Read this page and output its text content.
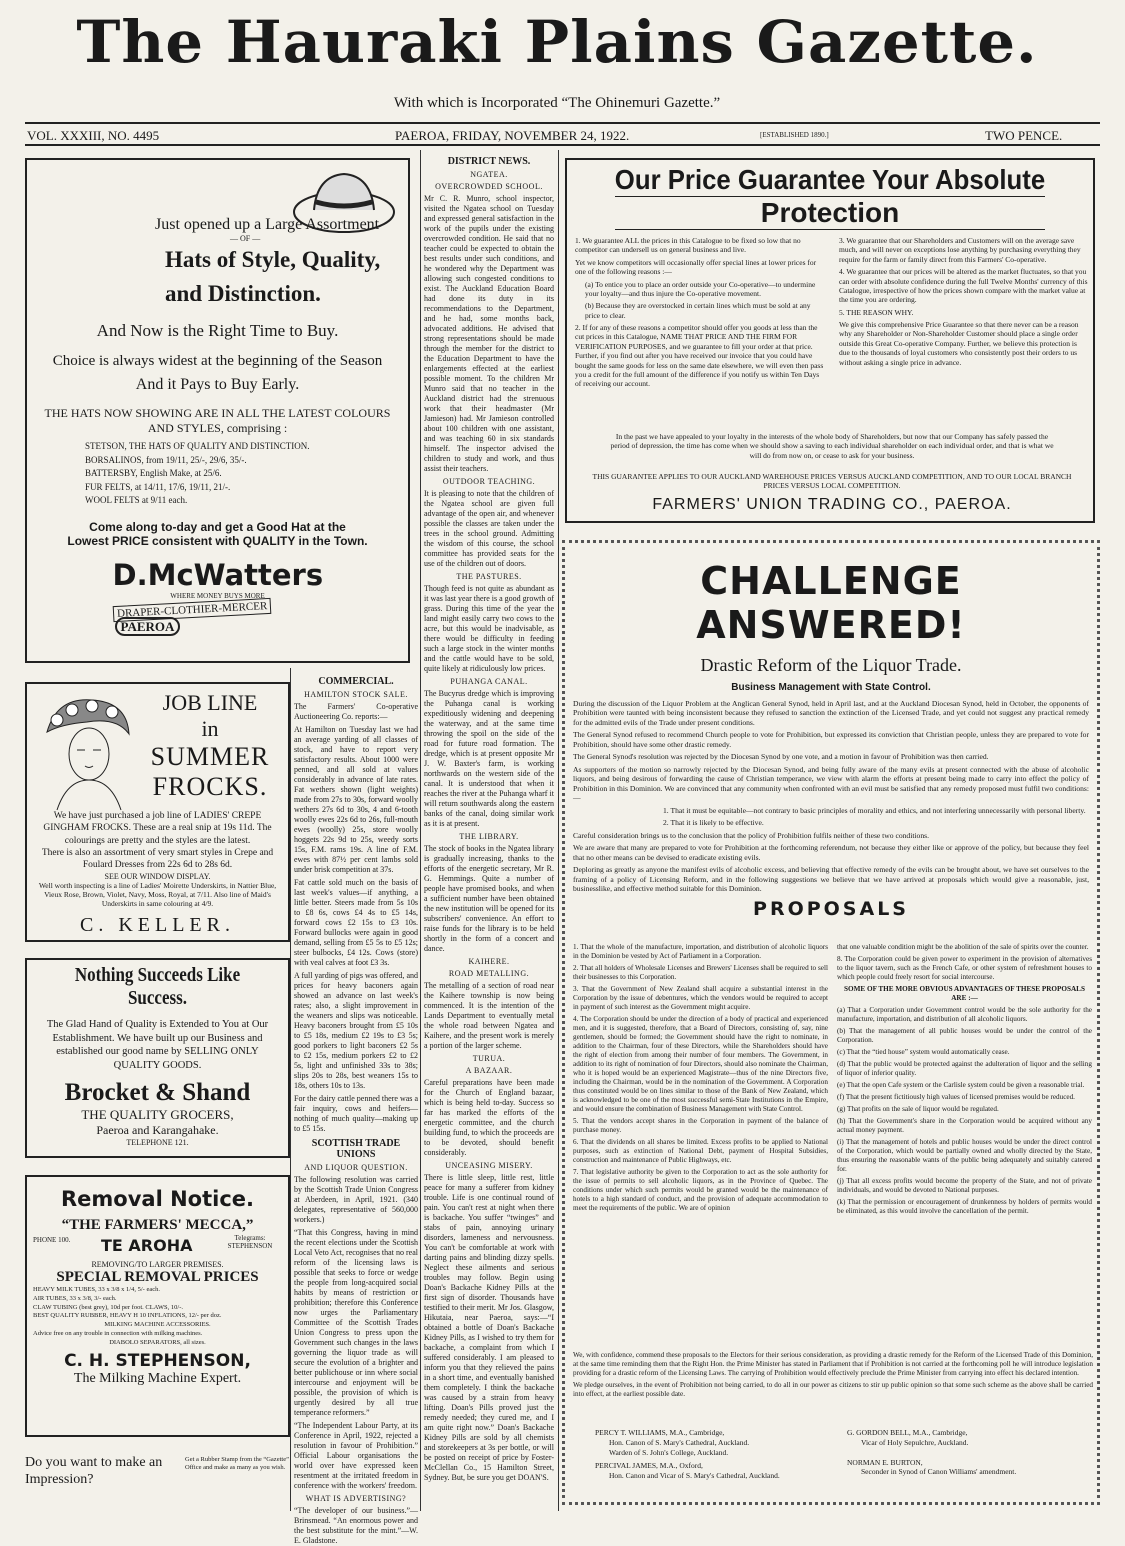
The Hauraki Plains Gazette.
With which is Incorporated “The Ohinemuri Gazette.”
VOL. XXXIII, NO. 4495	PAEROA, FRIDAY, NOVEMBER 24, 1922.	[ESTABLISHED 1890.]	TWO PENCE.
Just opened up a Large Assortment
— OF —
Hats of Style, Quality,
and Distinction.
And Now is the Right Time to Buy.
Choice is always widest at the beginning of the Season
And it Pays to Buy Early.
THE HATS NOW SHOWING ARE IN ALL THE LATEST COLOURS AND STYLES, comprising :
STETSON, THE HATS OF QUALITY AND DISTINCTION.
BORSALINOS, from 19/11, 25/-, 29/6, 35/-.
BATTERSBY, English Make, at 25/6.
FUR FELTS, at 14/11, 17/6, 19/11, 21/-.
WOOL FELTS at 9/11 each.
Come along to-day and get a Good Hat at the
Lowest PRICE consistent with QUALITY in the Town.
D.McWatters
WHERE MONEY BUYS MORE
DRAPER-CLOTHIER-MERCER PAEROA
JOB LINE
in
SUMMER
FROCKS.
We have just purchased a job line of LADIES' CREPE GINGHAM FROCKS. These are a real snip at 19s 11d. The colourings are pretty and the styles are the latest.
There is also an assortment of very smart styles in Crepe and Foulard Dresses from 22s 6d to 28s 6d.
SEE OUR WINDOW DISPLAY.
Well worth inspecting is a line of Ladies' Moirette Underskirts, in Nattier Blue, Vieux Rose, Brown, Violet, Navy, Moss, Royal, at 7/11. Also line of Maid's Underskirts in same colouring at 4/9.
C. KELLER.
Nothing Succeeds Like Success.
The Glad Hand of Quality is Extended to You at Our Establishment. We have built up our Business and established our good name by SELLING ONLY QUALITY GOODS.
Brocket & Shand
THE QUALITY GROCERS,
Paeroa and Karangahake.
TELEPHONE 121.
Removal Notice.
“THE FARMERS' MECCA,”
PHONE 100. TE AROHA	Telegrams: STEPHENSON
REMOVING/TO LARGER PREMISES.
SPECIAL REMOVAL PRICES
HEAVY MILK TUBES, 33 x 3/8 x 1/4, 5/- each.
AIR TUBES, 33 x 3/8, 3/- each.
CLAW TUBING (best grey), 10d per foot. CLAWS, 10/-.
BEST QUALITY RUBBER, HEAVY H 10 INFLATIONS, 12/- per doz.
MILKING MACHINE ACCESSORIES.
Advice free on any trouble in connection with milking machines.
DIABOLO SEPARATORS, all sizes.
C. H. STEPHENSON,
The Milking Machine Expert.
Do you want to make an Impression?
Get a Rubber Stamp from the “Gazette” Office and make as many as you wish.
COMMERCIAL.
HAMILTON STOCK SALE.

The Farmers' Co-operative Auctioneering Co. reports:—

At Hamilton on Tuesday last we had an average yarding of all classes of stock, and have to report very satisfactory results. About 1000 were penned, and all sold at values considerably in advance of late rates. Fat wethers shown (light weights) made from 27s to 30s, forward woolly wethers 27s 6d to 30s, 4 and 6-tooth woolly ewes 22s 6d to 26s, full-mouth ewes (woolly) 25s, store woolly hoggets 22s 9d to 25s, weedy sorts 15s, F.M. rams 19s. A line of F.M. ewes with 87½ per cent lambs sold under brisk competition at 37s.

Fat cattle sold much on the basis of last week's values—if anything, a little better. Steers made from 5s 10s to £8 6s, cows £4 4s to £5 14s, forward cows £2 15s to £3 10s. Forward bullocks were again in good demand, selling from £5 5s to £5 12s; steer bulbocks, £4 12s. Cows (store) with veal calves at foot £3 3s.

A full yarding of pigs was offered, and prices for heavy baconers again showed an advance on last week's rates; also, a slight improvement in the weaners and slips was noticeable. Heavy baconers brought from £5 10s to £5 18s, medium £2 19s to £3 5s; good porkers to light baconers £2 5s to £2 15s, medium porkers £2 to £2 5s, light and unfinished 33s to 38s; slips 20s to 28s, best weaners 15s to 18s, others 10s to 13s.

For the dairy cattle penned there was a fair inquiry, cows and heifers—nothing of much quality—making up to £5 15s.

SCOTTISH TRADE UNIONS
AND LIQUOR QUESTION.

The following resolution was carried by the Scottish Trade Union Congress at Aberdeen, in April, 1921. (340 delegates, representative of 560,000 workers.)

“That this Congress, having in mind the recent elections under the Scottish Local Veto Act, recognises that no real reform of the licensing laws is possible that seeks to force or wedge the people from long-acquired social habits by means of restriction or prohibition; therefore this Conference now urges the Parliamentary Committee of the Scottish Trades Union Congress to press upon the Government such changes in the laws governing the liquor trade as will secure the evolution of a brighter and better publichouse or inn where social intercourse and enjoyment will be possible, the provision of which is urgently desired by all true temperance reformers.”

“The Independent Labour Party, at its Conference in April, 1922, rejected a resolution in favour of Prohibition.” Official Labour organisations the world over have expressed keen resentment at the irritated freedom in conference with the workers' freedom.

WHAT IS ADVERTISING?
“The developer of our business.”—Brinsmead. “An enormous power and the best substitute for the mint.”—W. E. Gladstone.
DISTRICT NEWS.
NGATEA.
OVERCROWDED SCHOOL.
Mr C. R. Munro, school inspector, visited the Ngatea school on Tuesday and expressed general satisfaction in the work of the pupils under the existing overcrowded condition. He said that no teacher could be expected to obtain the best results under such conditions, and he wondered why the Department was allowing such congested conditions to exist. The Auckland Education Board had done its duty in its recommendations to the Department, and he had, some months back, advocated additions. He advised that strong representations should be made through the member for the district to the Education Department to have the enlargements effected at the earliest possible moment. To the children Mr Munro said that no teacher in the Auckland district had the strenuous work that their headmaster (Mr Jamieson) had. Mr Jamieson controlled about 100 children with one assistant, and was teaching 60 in six standards himself. The inspector advised the children to study and work, and thus assist their teachers.
OUTDOOR TEACHING.
It is pleasing to note that the children of the Ngatea school are given full advantage of the open air, and whenever possible the classes are taken under the trees in the school ground. Admitting the wisdom of this course, the school committee has provided seats for the use of the children out of doors.
THE PASTURES.
Though feed is not quite as abundant as it was last year there is a good growth of grass. During this time of the year the land might easily carry two cows to the acre, but this would be inadvisable, as there would be difficulty in feeding such a large stock in the winter months and the cattle would have to be sold, quite likely at ridiculously low prices.
PUHANGA CANAL.
The Bucyrus dredge which is improving the Puhanga canal is working expeditiously widening and deepening the waterway, and at the same time throwing the spoil on the side of the road for future road formation. The dredge, which is at present opposite Mr J. W. Baxter's farm, is working northwards on the western side of the canal. It is understood that when it reaches the river at the Puhanga wharf it will return southwards along the eastern banks of the canal, doing similar work as it is at present.
THE LIBRARY.
The stock of books in the Ngatea library is gradually increasing, thanks to the efforts of the energetic secretary, Mr R. G. Hemmings. Quite a number of people have promised books, and when a sufficient number have been obtained the new institution will be opened for its subscribers' convenience. An effort to raise funds for the library is to be held shortly in the form of a concert and dance.
KAIHERE.
ROAD METALLING.
The metalling of a section of road near the Kaihere township is now being commenced. It is the intention of the Lands Department to eventually metal the whole road between Ngatea and Kaihere, and the present work is merely a portion of the larger scheme.
TURUA.
A BAZAAR.
Careful preparations have been made for the Church of England bazaar, which is being held to-day. Success so far has marked the efforts of the energetic committee, and the church building fund, to which the proceeds are to be devoted, should benefit considerably.
UNCEASING MISERY.
There is little sleep, little rest, little peace for many a sufferer from kidney trouble. Life is one continual round of pain. You can't rest at night when there is backache. You suffer “twinges” and stabs of pain, annoying urinary disorders, lameness and nervousness. You can't be comfortable at work with darting pains and blinding dizzy spells. Neglect these ailments and serious troubles may follow. Begin using Doan's Backache Kidney Pills at the first sign of disorder. Thousands have testified to their merit. Mr Jos. Glasgow, Hikutaia, near Paeroa, says:—“I obtained a bottle of Doan's Backache Kidney Pills, as I wished to try them for backache, a complaint from which I suffered considerably. I am pleased to inform you that they relieved the pains in a short time, and eventually banished them completely. I think the backache was caused by a strain from heavy lifting. Doan's Pills proved just the remedy needed; they cured me, and I am quite right now.” Doan's Backache Kidney Pills are sold by all chemists and storekeepers at 3s per bottle, or will be posted on receipt of price by Foster-McClellan Co., 15 Hamilton Street, Sydney. But, be sure you get DOAN'S.
Our Price Guarantee Your Absolute
Protection

1. We guarantee ALL the prices in this Catalogue to be fixed so low that no competitor can undersell us on general business and live.

Yet we know competitors will occasionally offer special lines at lower prices for one of the following reasons :—

(a) To entice you to place an order outside your Co-operative—to undermine your loyalty—and thus injure the Co-operative movement.

(b) Because they are overstocked in certain lines which must be sold at any price to clear.

2. If for any of these reasons a competitor should offer you goods at less than the cut prices in this Catalogue, NAME THAT PRICE AND THE FIRM FOR VERIFICATION PURPOSES, and we guarantee to fill your order at that price. Further, if you find out after you have received our invoice that you could have bought the same goods for less on the same date elsewhere, we will even then pass you a credit for the full amount of the difference if you notify us within Ten Days of receiving our account.

3. We guarantee that our Shareholders and Customers will on the average save much, and will never on exceptions lose anything by purchasing everything they require for the farm or family direct from this Farmers' Co-operative.

4. We guarantee that our prices will be altered as the market fluctuates, so that you can order with absolute confidence during the full Twelve Months' currency of this Catalogue, irrespective of how the prices shown compare with the market value at the time you are ordering.

5. THE REASON WHY.

We give this comprehensive Price Guarantee so that there never can be a reason why any Shareholder or Non-Shareholder Customer should place a single order outside this Great Co-operative Company. Further, we believe this protection is due to the thousands of loyal customers who consistently post their orders to us without asking a single price in advance.

In the past we have appealed to your loyalty in the interests of the whole body of Shareholders, but now that our Company has safely passed the period of depression, the time has come when we should show a saving to each individual shareholder on each individual order, and that is what we will do from now on, or cease to ask for your business.
THIS GUARANTEE APPLIES TO OUR AUCKLAND WAREHOUSE PRICES VERSUS AUCKLAND COMPETITION, AND TO OUR LOCAL BRANCH PRICES VERSUS LOCAL COMPETITION.
FARMERS' UNION TRADING CO., PAEROA.
CHALLENGE ANSWERED!
Drastic Reform of the Liquor Trade.
Business Management with State Control.

During the discussion of the Liquor Problem at the Anglican General Synod, held in April last, and at the Auckland Diocesan Synod, held in October, the opponents of Prohibition were taunted with being inconsistent because they refused to sanction the extinction of the Licensed Trade, and yet could not suggest any practical remedy for the admitted evils of the Trade under present conditions.

The General Synod refused to recommend Church people to vote for Prohibition, but expressed its conviction that Christian people, unless they are prepared to vote for Prohibition, should have some other drastic remedy.

The General Synod's resolution was rejected by the Diocesan Synod by one vote, and a motion in favour of Prohibition was then carried.

As supporters of the motion so narrowly rejected by the Diocesan Synod, and being fully aware of the many evils at present connected with the abuse of alcoholic liquors, and being desirous of forwarding the cause of Christian temperance, we view with alarm the efforts at present being made to carry into effect the policy of Prohibition in this Dominion. We are convinced that any community when confronted with an evil must be satisfied that any remedy proposed must fulfil two conditions:—

1. That it must be equitable—not contrary to basic principles of morality and ethics, and not interfering unnecessarily with personal liberty.

2. That it is likely to be effective.

Careful consideration brings us to the conclusion that the policy of Prohibition fulfils neither of these two conditions.

We are aware that many are prepared to vote for Prohibition at the forthcoming referendum, not because they either like or approve of the policy, but because they feel that no other means can be devised to eradicate existing evils.

Deploring as greatly as anyone the manifest evils of alcoholic excess, and believing that effective remedy of the evils can be brought about, we have set ourselves to the framing of a policy of Licensing Reform, and in the following suggestions we believe that we have arrived at proposals which would give a reasonable, just, businesslike, and effective method suitable for this Dominion.

PROPOSALS

1. That the whole of the manufacture, importation, and distribution of alcoholic liquors in the Dominion be vested by Act of Parliament in a Corporation.

2. That all holders of Wholesale Licenses and Brewers' Licenses shall be required to sell their businesses to this Corporation.

3. That the Government of New Zealand shall acquire a substantial interest in the Corporation by the issue of debentures, which the vendors would be required to accept in payment of such interest as the Government might acquire.

4. The Corporation should be under the direction of a body of practical and experienced men, and it is suggested, therefore, that a Board of Directors, consisting of, say, nine gentlemen, should be formed; the Government should have the right to nominate, in addition to the Chairman, four of these Directors, while the Shareholders should have the right of election from among their number of four members. The Government, in addition to its right of nomination of four Directors, should also nominate the Chairman, who it is hoped would be an experienced Magistrate—thus of the nine Directors five, including the Chairman, would be in the nomination of the Government. A Corporation thus constituted would be on lines similar to those of the Bank of New Zealand, which is acknowledged to be one of the most successful semi-State Institutions in the Empire, and would ensure the combination of Business Management with State Control.

5. That the vendors accept shares in the Corporation in payment of the balance of purchase money.

6. That the dividends on all shares be limited. Excess profits to be applied to National purposes, such as extinction of National Debt, payment of Hospital Subsidies, construction and maintenance of Public Highways, etc.

7. That legislative authority be given to the Corporation to act as the sole authority for the issue of permits to sell alcoholic liquors, as in the Province of Quebec. The conditions under which such permits would be granted would be the maintenance of hotels to a high standard of conduct, and the provision of adequate accommodation to meet the requirements of the public. We are of opinion

that one valuable condition might be the abolition of the sale of spirits over the counter.

8. The Corporation could be given power to experiment in the provision of alternatives to the liquor tavern, such as the French Cafe, or other system of refreshment houses to which people could freely resort for social intercourse.

SOME OF THE MORE OBVIOUS ADVANTAGES OF THESE PROPOSALS ARE :—

(a) That a Corporation under Government control would be the sole authority for the manufacture, importation, and distribution of all alcoholic liquors.

(b) That the management of all public houses would be under the control of the Corporation.

(c) That the “tied house” system would automatically cease.

(d) That the public would be protected against the adulteration of liquor and the selling of liquor of inferior quality.

(e) That the open Cafe system or the Carlisle system could be given a reasonable trial.

(f) That the present fictitiously high values of licensed premises would be reduced.

(g) That profits on the sale of liquor would be regulated.

(h) That the Government's share in the Corporation would be acquired without any actual money payment.

(i) That the management of hotels and public houses would be under the direct control of the Corporation, which would be partially owned and wholly directed by the State, thus ensuring the reasonable wants of the public being adequately and suitably catered for.

(j) That all excess profits would become the property of the State, and not of private individuals, and would be devoted to National purposes.

(k) That the permission or encouragement of drunkenness by holders of permits would be eliminated, as this would involve the cancellation of the permit.

We, with confidence, commend these proposals to the Electors for their serious consideration, as providing a drastic remedy for the Reform of the Licensed Trade of this Dominion, at the same time reminding them that the Right Hon. the Prime Minister has stated in Parliament that if Prohibition is not carried at the forthcoming poll he will introduce legislation providing for a drastic reform of the Licensing Laws. The carrying of Prohibition would effectively preclude the Prime Minister from carrying into effect his declared intention.

We pledge ourselves, in the event of Prohibition not being carried, to do all in our power as citizens to stir up public opinion so that some such scheme as the above shall be carried into effect, at the earliest possible date.

PERCY T. WILLIAMS, M.A., Cambridge,
Hon. Canon of S. Mary's Cathedral, Auckland.
Warden of S. John's College, Auckland.
PERCIVAL JAMES, M.A., Oxford,
Hon. Canon and Vicar of S. Mary's Cathedral, Auckland.
G. GORDON BELL, M.A., Cambridge,
Vicar of Holy Sepulchre, Auckland.
NORMAN E. BURTON,
Seconder in Synod of Canon Williams' amendment.
